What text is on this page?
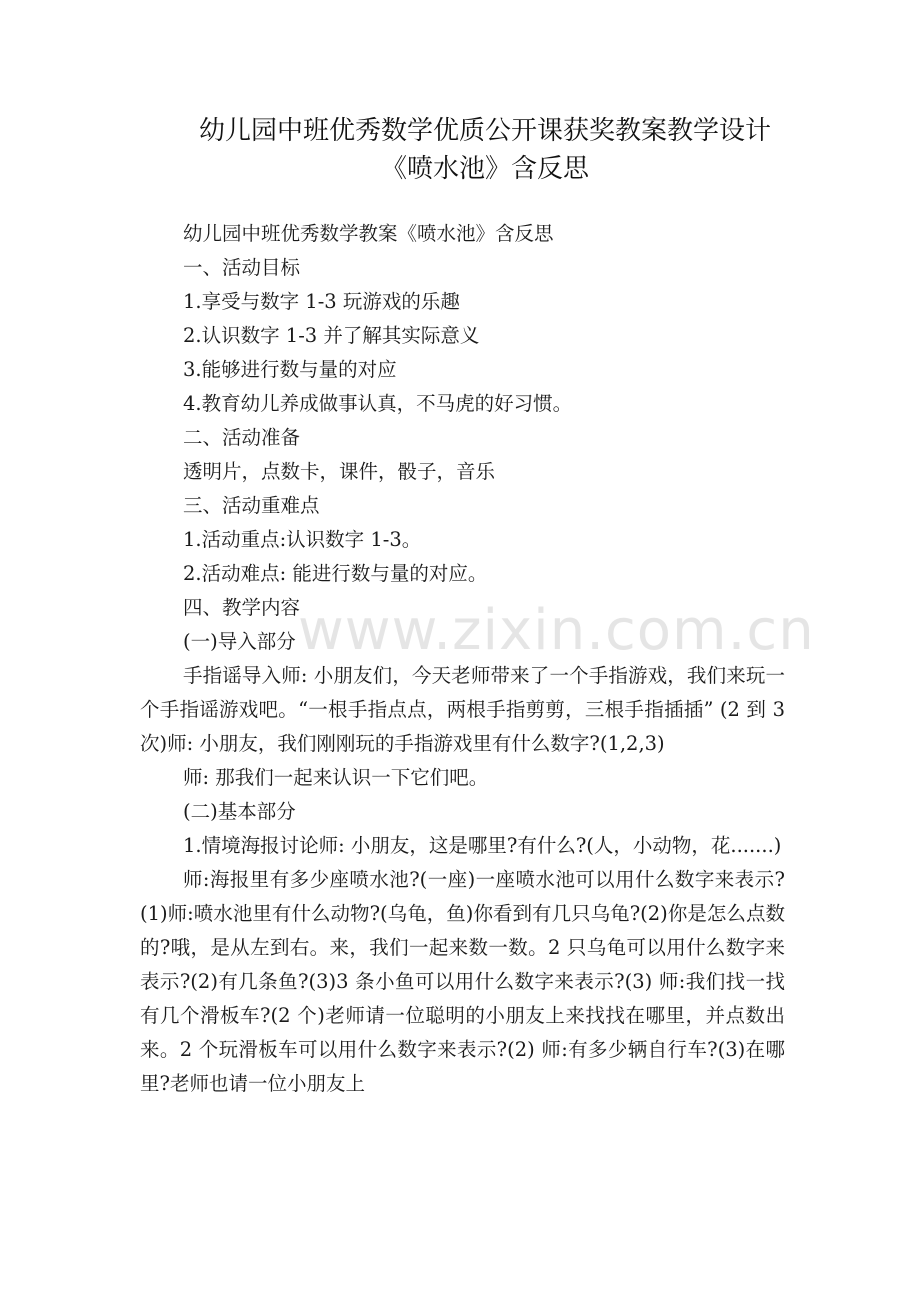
幼儿园中班优秀数学优质公开课获奖教案教学设计《喷水池》含反思

幼儿园中班优秀数学教案《喷水池》含反思

一、活动目标

1.享受与数字 1-3 玩游戏的乐趣

2.认识数字 1-3 并了解其实际意义

3.能够进行数与量的对应

4.教育幼儿养成做事认真，不马虎的好习惯。

二、活动准备

透明片，点数卡，课件，骰子，音乐

三、活动重难点

1.活动重点:认识数字 1-3。

2.活动难点: 能进行数与量的对应。

四、教学内容

(一)导入部分

手指谣导入师: 小朋友们，今天老师带来了一个手指游戏，我们来玩一个手指谣游戏吧。“一根手指点点，两根手指剪剪，三根手指插插” (2 到 3 次)师: 小朋友，我们刚刚玩的手指游戏里有什么数字?(1,2,3)

师: 那我们一起来认识一下它们吧。

(二)基本部分

1.情境海报讨论师: 小朋友，这是哪里?有什么?(人，小动物，花.......)

师:海报里有多少座喷水池?(一座)一座喷水池可以用什么数字来表示?(1)师:喷水池里有什么动物?(乌龟，鱼)你看到有几只乌龟?(2)你是怎么点数的?哦，是从左到右。来，我们一起来数一数。2 只乌龟可以用什么数字来表示?(2)有几条鱼?(3)3 条小鱼可以用什么数字来表示?(3) 师:我们找一找有几个滑板车?(2 个)老师请一位聪明的小朋友上来找找在哪里，并点数出来。2 个玩滑板车可以用什么数字来表示?(2) 师:有多少辆自行车?(3)在哪里?老师也请一位小朋友上

www.zixin.com.cn
